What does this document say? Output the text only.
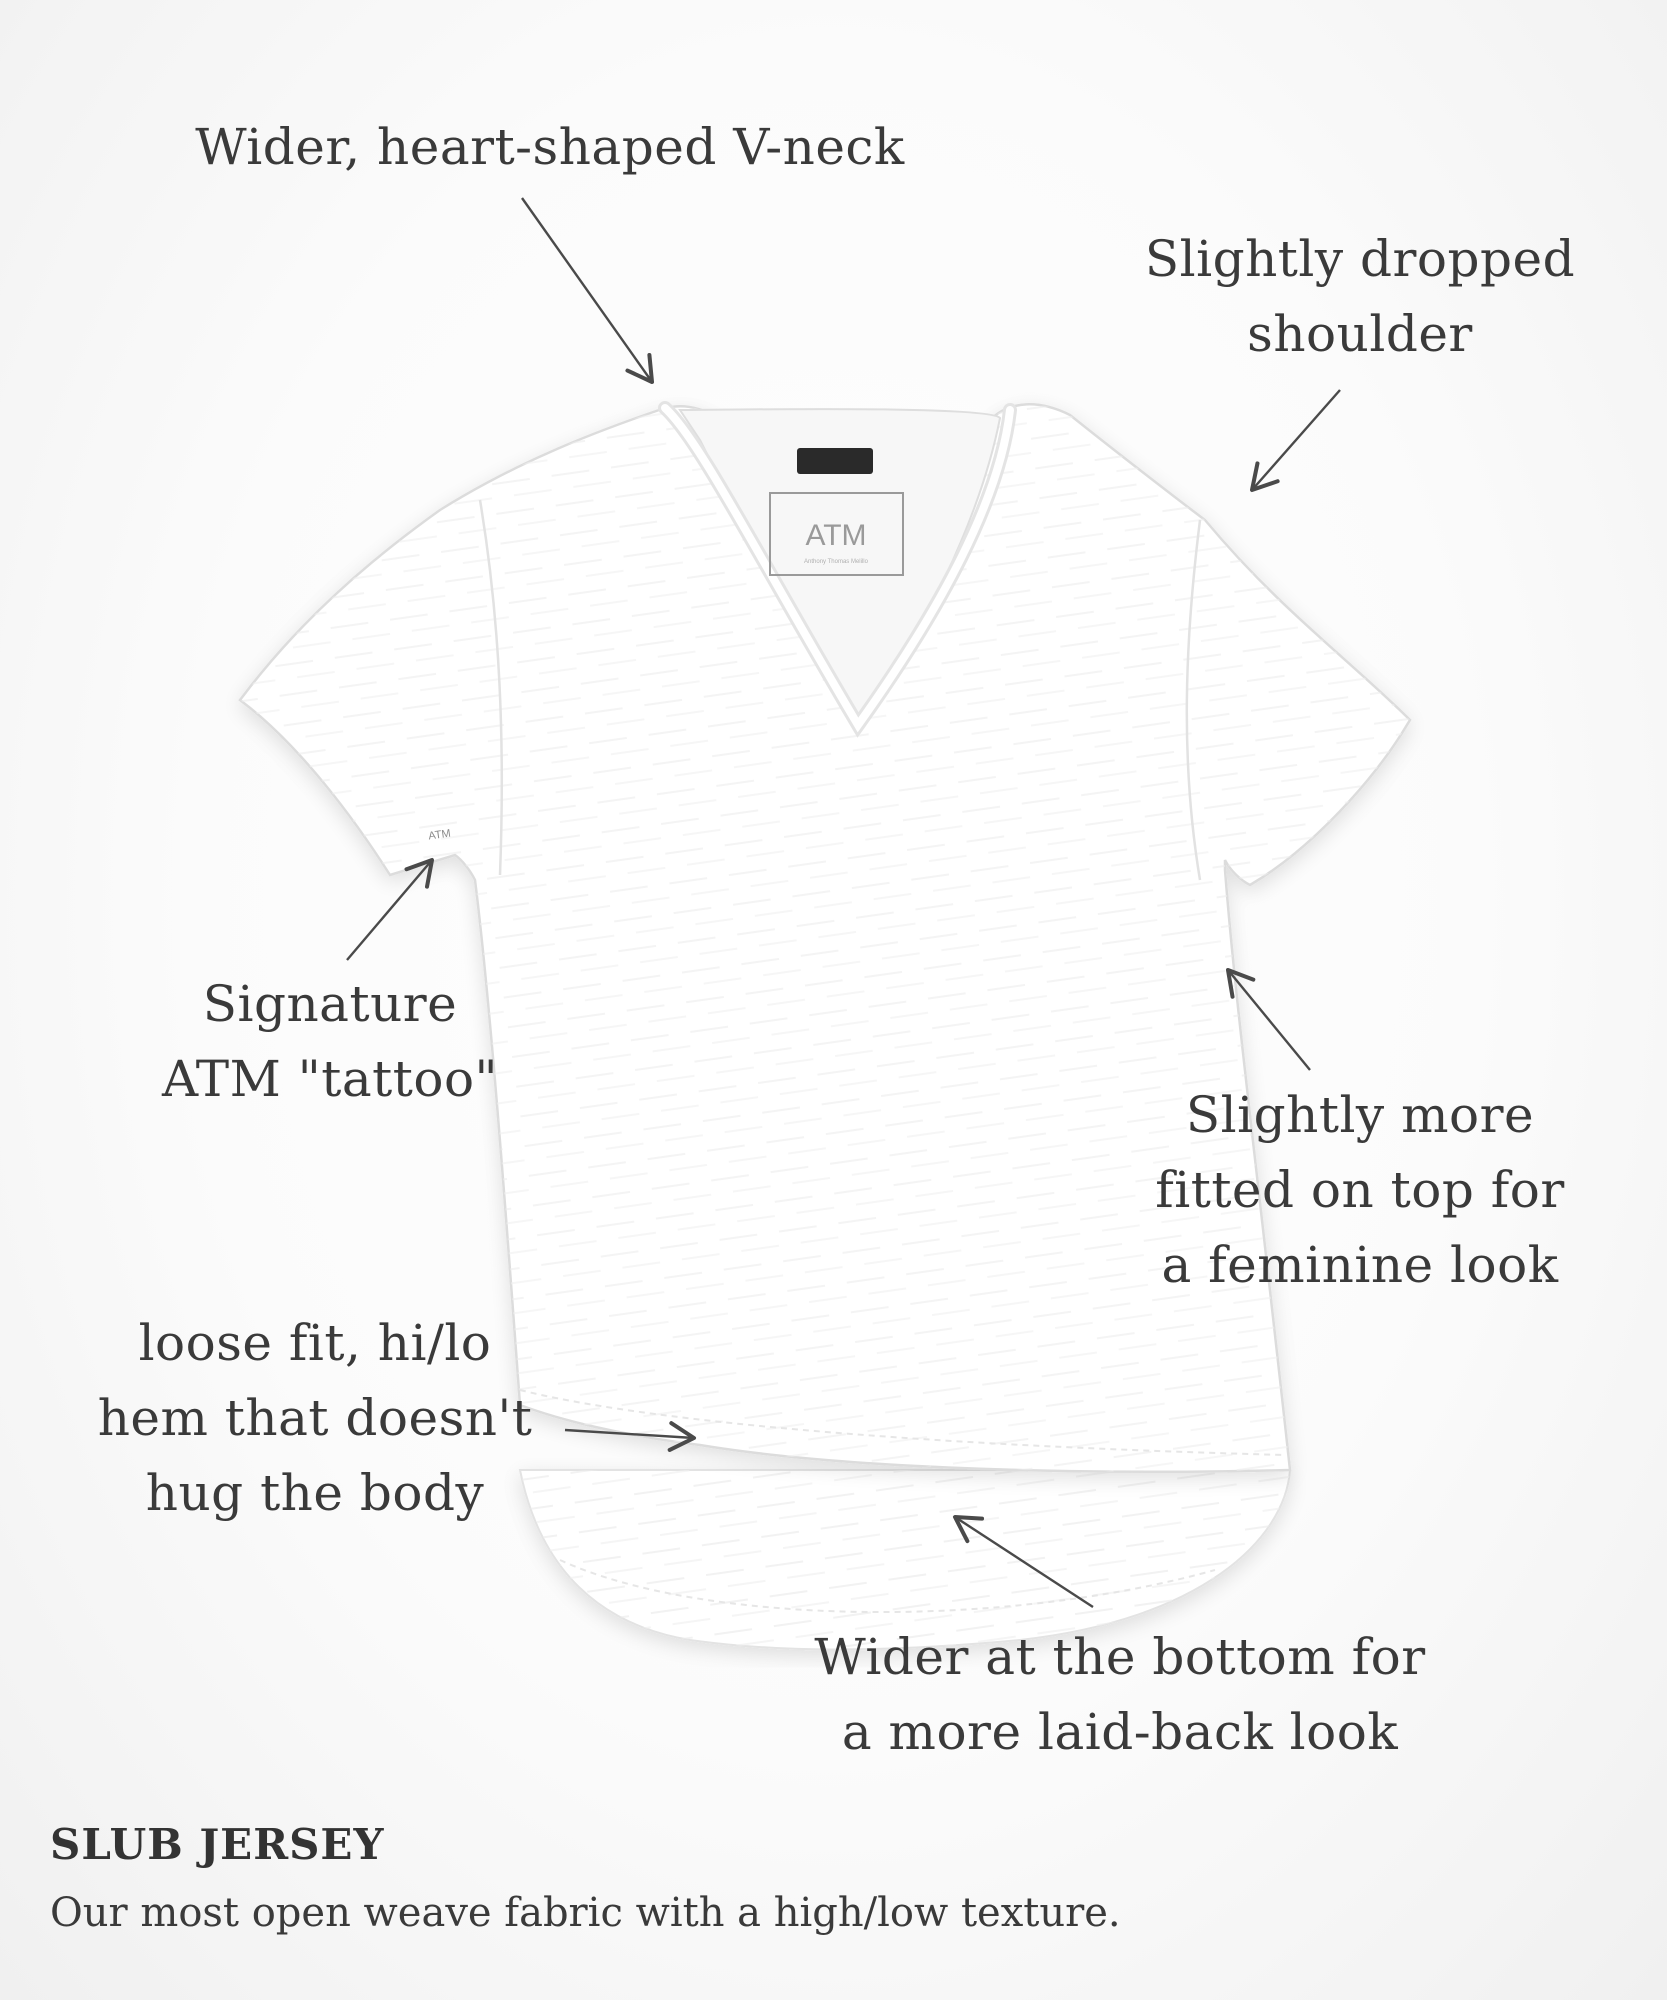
ATM
Anthony Thomas Melillo
ATM
Wider, heart-shaped V-neck
Slightly dropped
shoulder
Signature
ATM "tattoo"
Slightly more
fitted on top for
a feminine look
loose fit, hi/lo
hem that doesn't
hug the body
Wider at the bottom for
a more laid-back look
SLUB JERSEY
Our most open weave fabric with a high/low texture.
